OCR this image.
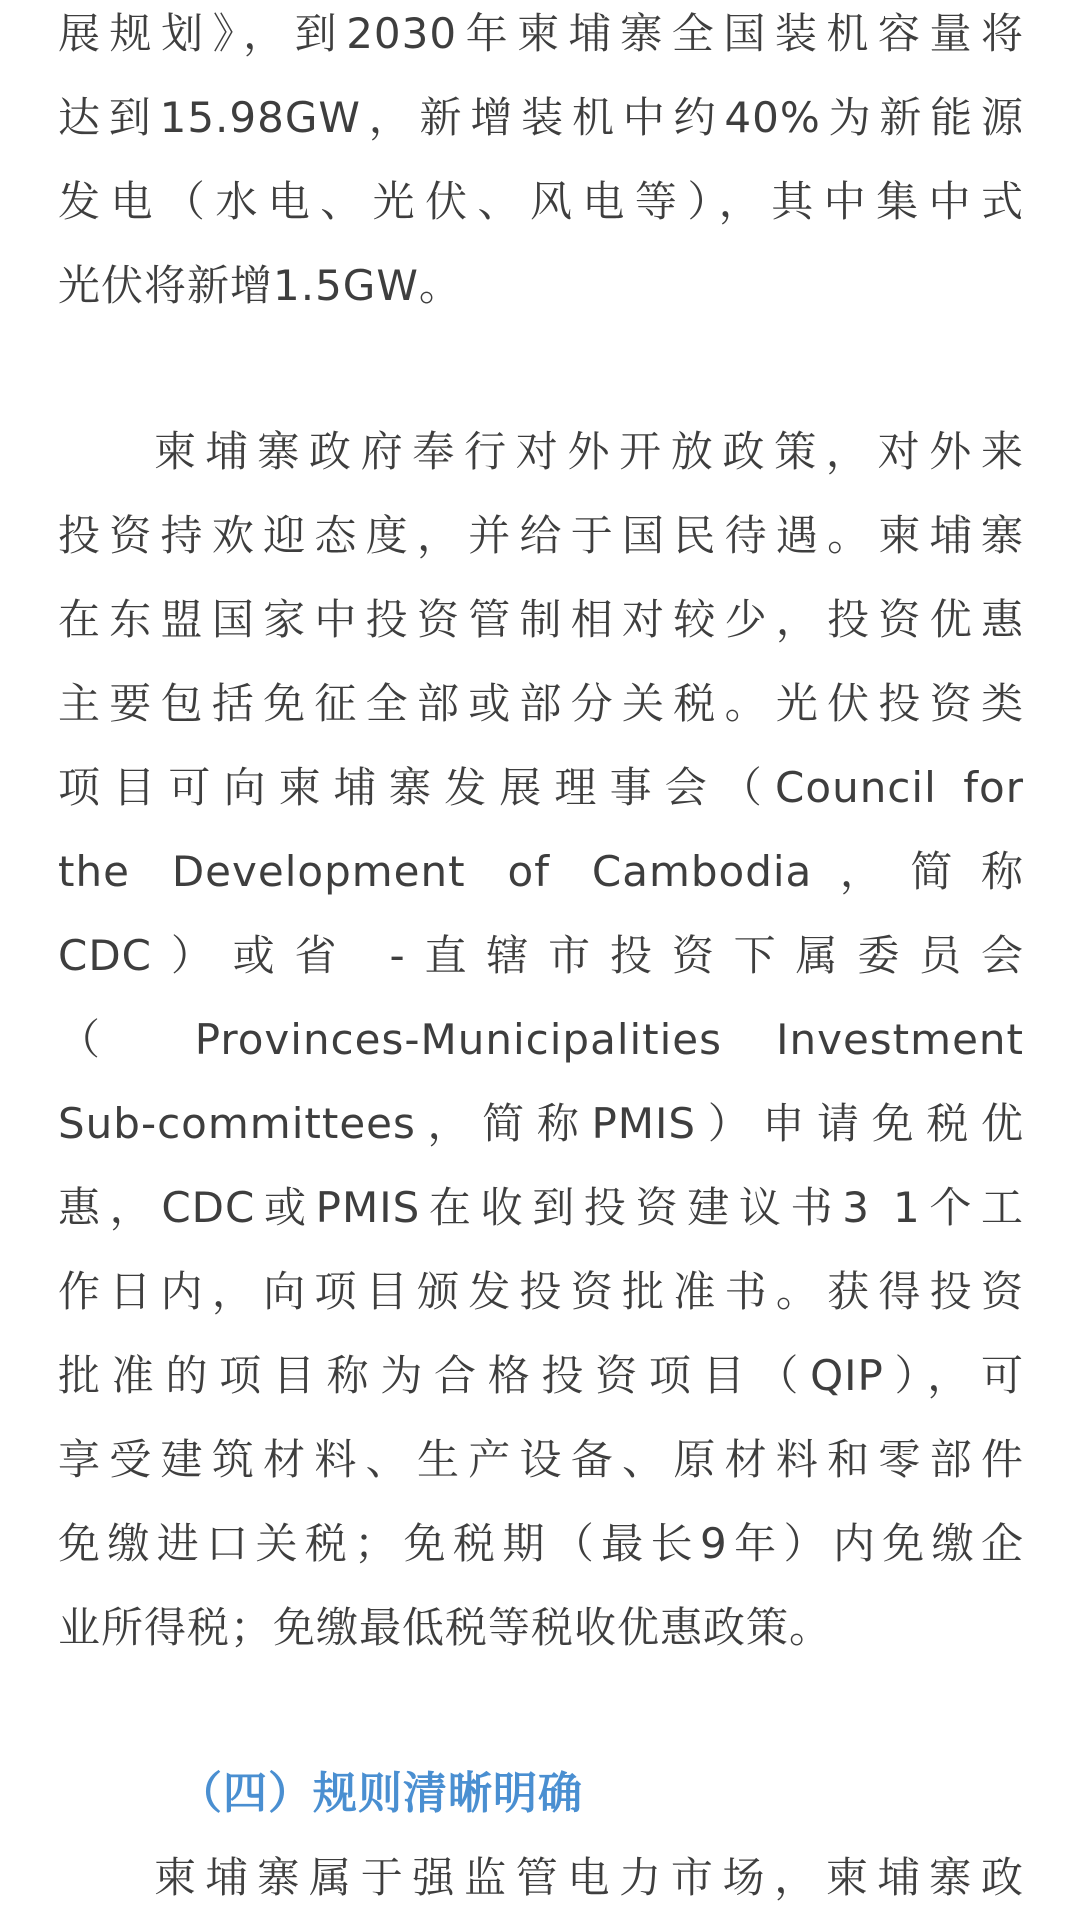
展规划》，到2030年柬埔寨全国装机容量将
达到15.98GW，新增装机中约40%为新能源
发电（水电、光伏、风电等），其中集中式
光伏将新增1.5GW。
柬埔寨政府奉行对外开放政策，对外来
投资持欢迎态度，并给于国民待遇。柬埔寨
在东盟国家中投资管制相对较少，投资优惠
主要包括免征全部或部分关税。光伏投资类
项目可向柬埔寨发展理事会（Council for
the Development of Cambodia，简称
CDC）或省 -直辖市投资下属委员会
（ Provinces-Municipalities Investment
Sub-committees，简称PMIS）申请免税优
惠，CDC或PMIS在收到投资建议书3 1个工
作日内，向项目颁发投资批准书。获得投资
批准的项目称为合格投资项目（QIP），可
享受建筑材料、生产设备、原材料和零部件
免缴进口关税；免税期（最长9年）内免缴企
业所得税；免缴最低税等税收优惠政策。
（四）规则清晰明确
柬埔寨属于强监管电力市场，柬埔寨政
